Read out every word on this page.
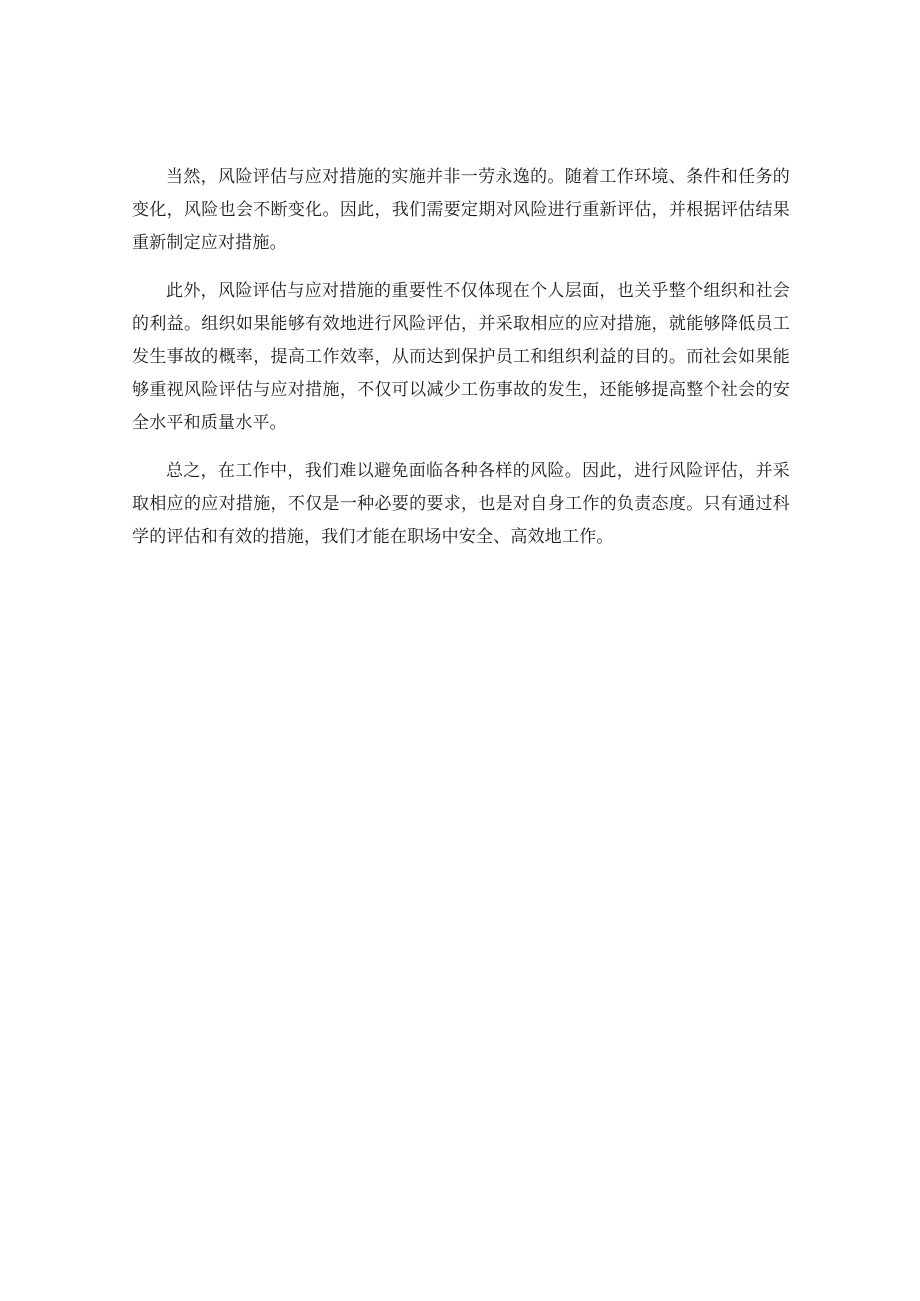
当然，风险评估与应对措施的实施并非一劳永逸的。随着工作环境、条件和任务的变化，风险也会不断变化。因此，我们需要定期对风险进行重新评估，并根据评估结果重新制定应对措施。

此外，风险评估与应对措施的重要性不仅体现在个人层面，也关乎整个组织和社会的利益。组织如果能够有效地进行风险评估，并采取相应的应对措施，就能够降低员工发生事故的概率，提高工作效率，从而达到保护员工和组织利益的目的。而社会如果能够重视风险评估与应对措施，不仅可以减少工伤事故的发生，还能够提高整个社会的安全水平和质量水平。

总之，在工作中，我们难以避免面临各种各样的风险。因此，进行风险评估，并采取相应的应对措施，不仅是一种必要的要求，也是对自身工作的负责态度。只有通过科学的评估和有效的措施，我们才能在职场中安全、高效地工作。
